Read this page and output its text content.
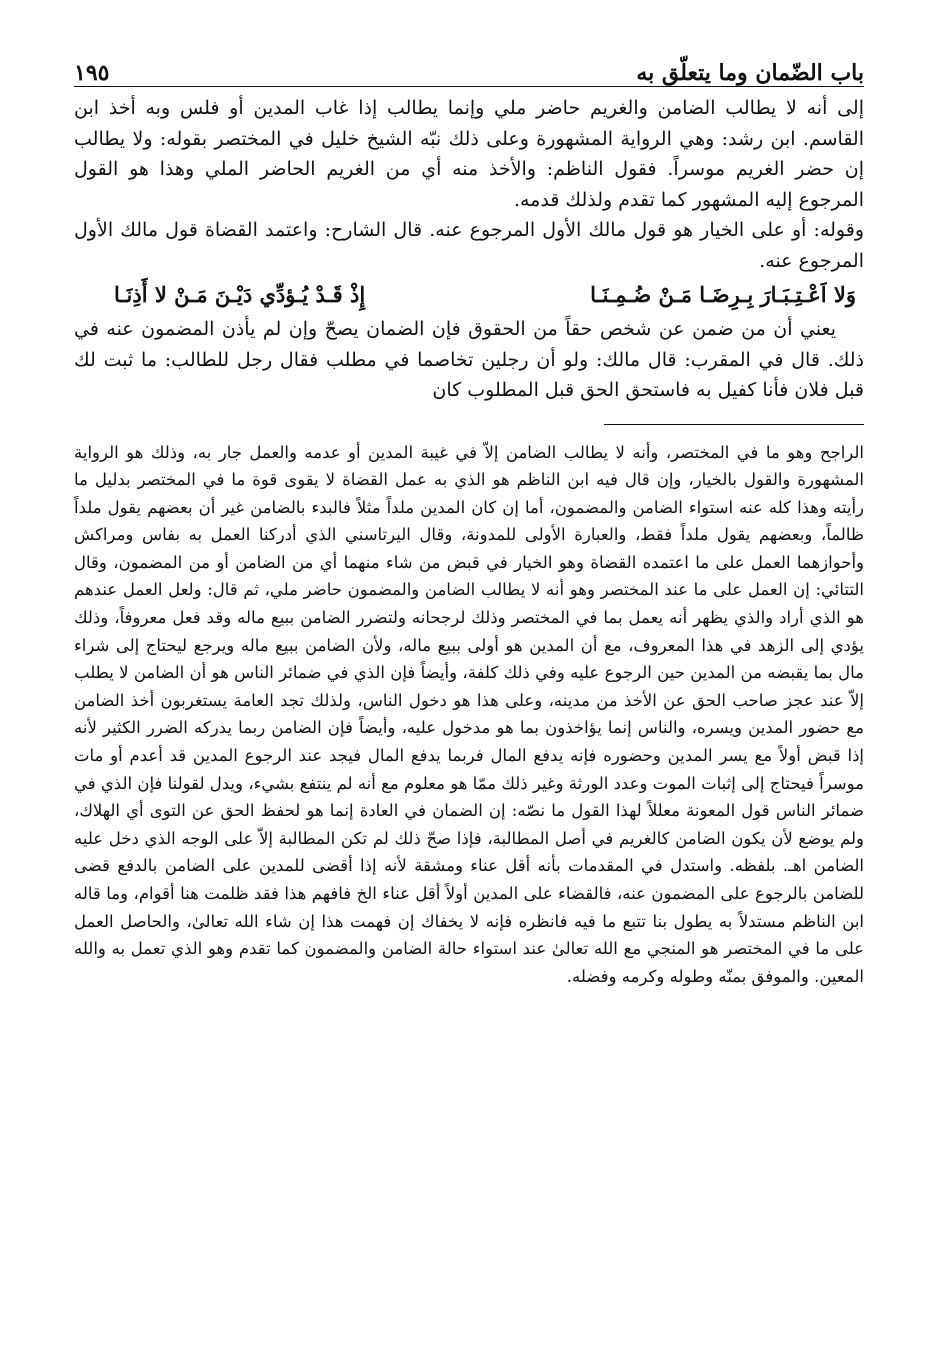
باب الضّمان وما يتعلّق به
١٩٥

إلى أنه لا يطالب الضامن والغريم حاضر ملي وإنما يطالب إذا غاب المدين أو فلس وبه أخذ ابن القاسم. ابن رشد: وهي الرواية المشهورة وعلى ذلك نبّه الشيخ خليل في المختصر بقوله: ولا يطالب إن حضر الغريم موسراً. فقول الناظم: والأخذ منه أي من الغريم الحاضر الملي وهذا هو القول المرجوع إليه المشهور كما تقدم ولذلك قدمه.

وقوله: أو على الخيار هو قول مالك الأول المرجوع عنه. قال الشارح: واعتمد القضاة قول مالك الأول المرجوع عنه.

وَلا اَعْـتِـبَـارَ بِـرِضَـا مَـنْ ضُـمِـنَـا
إِذْ قَـدْ يُـؤدِّي دَيْـنَ مَـنْ لا أَذِنَـا

يعني أن من ضمن عن شخص حقاً من الحقوق فإن الضمان يصحّ وإن لم يأذن المضمون عنه في ذلك. قال في المقرب: قال مالك: ولو أن رجلين تخاصما في مطلب فقال رجل للطالب: ما ثبت لك قبل فلان فأنا كفيل به فاستحق الحق قبل المطلوب كان

الراجح وهو ما في المختصر، وأنه لا يطالب الضامن إلاّ في غيبة المدين أو عدمه والعمل جار به، وذلك هو الرواية المشهورة والقول بالخيار، وإن قال فيه ابن الناظم هو الذي به عمل القضاة لا يقوى قوة ما في المختصر بدليل ما رأيته وهذا كله عنه استواء الضامن والمضمون، أما إن كان المدين ملداً مثلاً فالبدء بالضامن غير أن بعضهم يقول ملداً ظالماً، وبعضهم يقول ملداً فقط، والعبارة الأولى للمدونة، وقال اليرتاسني الذي أدركنا العمل به بفاس ومراكش وأحوازهما العمل على ما اعتمده القضاة وهو الخيار في قبض من شاء منهما أي من الضامن أو من المضمون، وقال التتائي: إن العمل على ما عند المختصر وهو أنه لا يطالب الضامن والمضمون حاضر ملي، ثم قال: ولعل العمل عندهم هو الذي أراد والذي يظهر أنه يعمل بما في المختصر وذلك لرجحانه ولتضرر الضامن ببيع ماله وقد فعل معروفاً، وذلك يؤدي إلى الزهد في هذا المعروف، مع أن المدين هو أولى ببيع ماله، ولأن الضامن ببيع ماله ويرجع ليحتاج إلى شراء مال بما يقبضه من المدين حين الرجوع عليه وفي ذلك كلفة، وأيضاً فإن الذي في ضمائر الناس هو أن الضامن لا يطلب إلاّ عند عجز صاحب الحق عن الأخذ من مدينه، وعلى هذا هو دخول الناس، ولذلك تجد العامة يستغربون أخذ الضامن مع حضور المدين ويسره، والناس إنما يؤاخذون بما هو مدخول عليه، وأيضاً فإن الضامن ربما يدركه الضرر الكثير لأنه إذا قبض أولاً مع يسر المدين وحضوره فإنه يدفع المال فربما يدفع المال فيجد عند الرجوع المدين قد أعدم أو مات موسراً فيحتاج إلى إثبات الموت وعدد الورثة وغير ذلك ممّا هو معلوم مع أنه لم ينتفع بشيء، ويدل لقولنا فإن الذي في ضمائر الناس قول المعونة معللاً لهذا القول ما نصّه: إن الضمان في العادة إنما هو لحفظ الحق عن التوى أي الهلاك، ولم يوضع لأن يكون الضامن كالغريم في أصل المطالبة، فإذا صحّ ذلك لم تكن المطالبة إلاّ على الوجه الذي دخل عليه الضامن اهـ. بلفظه. واستدل في المقدمات بأنه أقل عناء ومشقة لأنه إذا أقضى للمدين على الضامن بالدفع قضى للضامن بالرجوع على المضمون عنه، فالقضاء على المدين أولاً أقل عناء الخ فافهم هذا فقد ظلمت هنا أقوام، وما قاله ابن الناظم مستدلاً به يطول بنا تتبع ما فيه فانظره فإنه لا يخفاك إن فهمت هذا إن شاء الله تعالىٰ، والحاصل العمل على ما في المختصر هو المنجي مع الله تعالىٰ عند استواء حالة الضامن والمضمون كما تقدم وهو الذي تعمل به والله المعين. والموفق بمنّه وطوله وكرمه وفضله.
